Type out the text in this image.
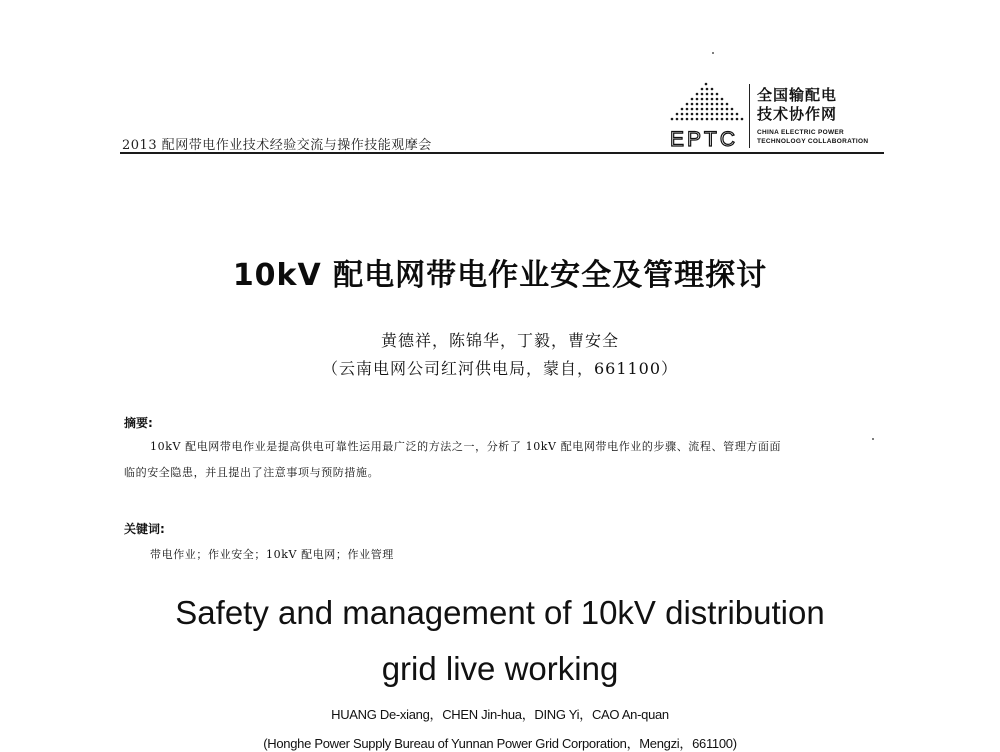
2013 配网带电作业技术经验交流与操作技能观摩会	EPTC
全国输配电
技术协作网
CHINA ELECTRIC POWER
TECHNOLOGY COLLABORATION
10kV 配电网带电作业安全及管理探讨
黄德祥，陈锦华，丁毅，曹安全
（云南电网公司红河供电局，蒙自，661100）
摘要:
10kV 配电网带电作业是提高供电可靠性运用最广泛的方法之一，分析了 10kV 配电网带电作业的步骤、流程、管理方面面
临的安全隐患，并且提出了注意事项与预防措施。
关键词:
带电作业；作业安全；10kV 配电网；作业管理
Safety and management of 10kV distribution
grid live working
HUANG De-xiang，CHEN Jin-hua，DING Yi，CAO An-quan
(Honghe Power Supply Bureau of Yunnan Power Grid Corporation，Mengzi，661100)
